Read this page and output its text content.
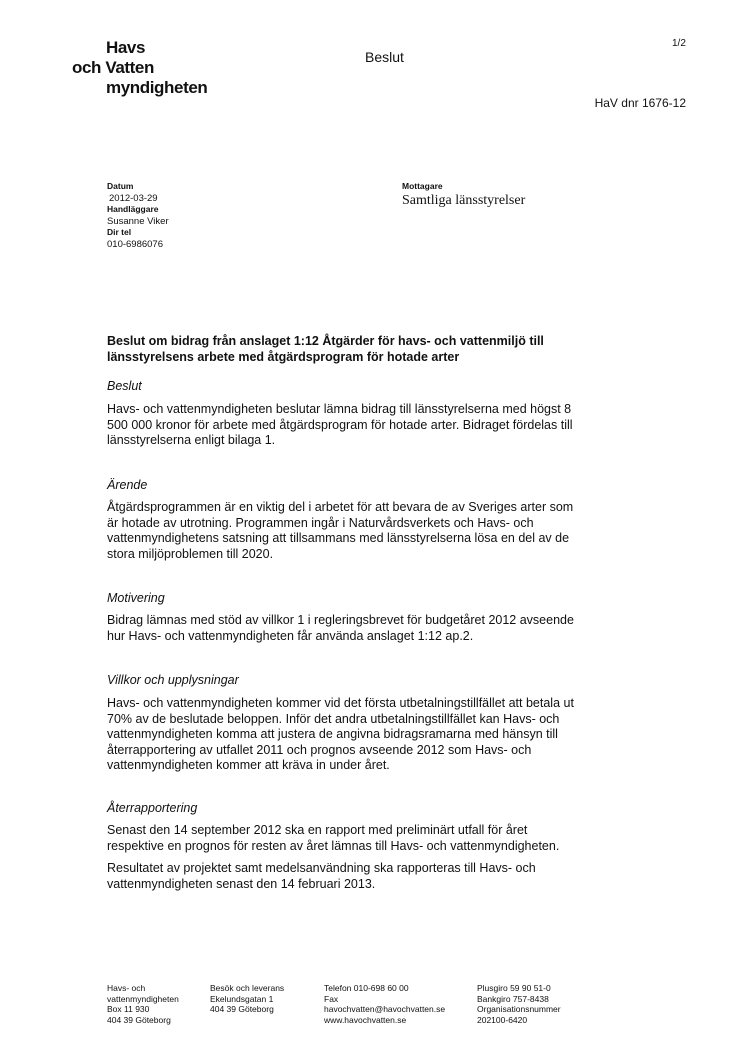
Havs
och Vatten
myndigheten
Beslut
1/2
HaV dnr 1676-12
Datum
2012-03-29
Handläggare
Susanne Viker
Dir tel
010-6986076
Mottagare
Samtliga länsstyrelser
Beslut om bidrag från anslaget 1:12 Åtgärder för havs- och vattenmiljö till länsstyrelsens arbete med åtgärdsprogram för hotade arter
Beslut

Havs- och vattenmyndigheten beslutar lämna bidrag till länsstyrelserna med högst 8 500 000 kronor för arbete med åtgärdsprogram för hotade arter. Bidraget fördelas till länsstyrelserna enligt bilaga 1.

Ärende

Åtgärdsprogrammen är en viktig del i arbetet för att bevara de av Sveriges arter som är hotade av utrotning. Programmen ingår i Naturvårdsverkets och Havs- och vattenmyndighetens satsning att tillsammans med länsstyrelserna lösa en del av de stora miljöproblemen till 2020.

Motivering

Bidrag lämnas med stöd av villkor 1 i regleringsbrevet för budgetåret 2012 avseende hur Havs- och vattenmyndigheten får använda anslaget 1:12 ap.2.

Villkor och upplysningar

Havs- och vattenmyndigheten kommer vid det första utbetalningstillfället att betala ut 70% av de beslutade beloppen. Inför det andra utbetalningstillfället kan Havs- och vattenmyndigheten komma att justera de angivna bidragsramarna med hänsyn till återrapportering av utfallet 2011 och prognos avseende 2012 som Havs- och vattenmyndigheten kommer att kräva in under året.

Återrapportering

Senast den 14 september 2012 ska en rapport med preliminärt utfall för året respektive en prognos för resten av året lämnas till Havs- och vattenmyndigheten.

Resultatet av projektet samt medelsanvändning ska rapporteras till Havs- och vattenmyndigheten senast den 14 februari 2013.

Havs- och
vattenmyndigheten
Box 11 930
404 39 Göteborg
Besök och leverans
Ekelundsgatan 1
404 39 Göteborg
Telefon 010-698 60 00
Fax
havochvatten@havochvatten.se
www.havochvatten.se
Plusgiro 59 90 51-0
Bankgiro 757-8438
Organisationsnummer
202100-6420
